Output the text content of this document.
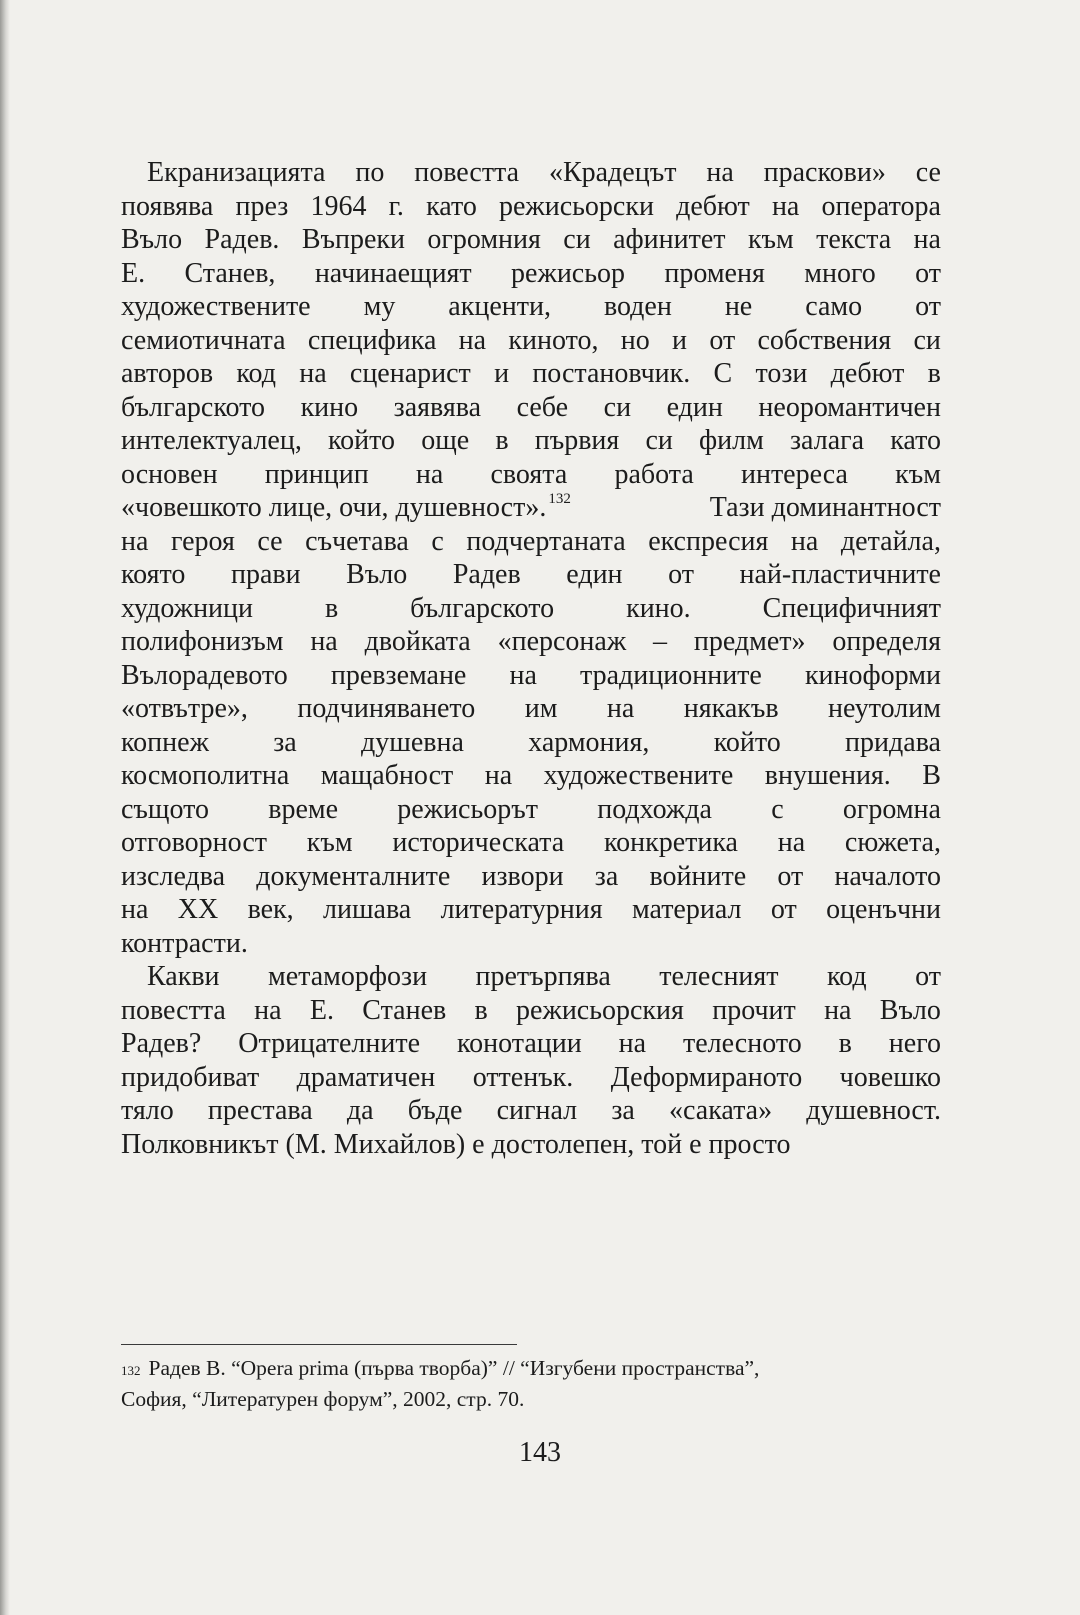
Екранизацията по повестта «Крадецът на праскови» се
появява през 1964 г. като режисьорски дебют на оператора
Въло Радев. Въпреки огромния си афинитет към текста на
Е. Станев, начинаещият режисьор променя много от
художествените му акценти, воден не само от
семиотичната специфика на киното, но и от собствения си
авторов код на сценарист и постановчик. С този дебют в
българското кино заявява себе си един неоромантичен
интелектуалец, който още в първия си филм залага като
основен принцип на своята работа интереса към
«човешкото лице, очи, душевност». $^{132}$	Тази доминантност
на героя се съчетава с подчертаната експресия на детайла,
която прави Въло Радев един от най-пластичните
художници	в	българското	кино.	Специфичният
полифонизъм на двойката «персонаж – предмет» определя
Вълорадевото превземане на традиционните киноформи
«отвътре», подчиняването им на някакъв неутолим
копнеж за душевна хармония, който придава
космополитна мащабност на художествените внушения. В
същото време режисьорът подхожда с огромна
отговорност към историческата конкретика на сюжета,
изследва документалните извори за войните от началото
на ХХ век, лишава литературния материал от оценъчни
контрасти.
Какви метаморфози претърпява телесният код от
повестта на Е. Станев в режисьорския прочит на Въло
Радев? Отрицателните конотации на телесното в него
придобиват драматичен оттенък. Деформираното човешко
тяло престава да бъде сигнал за «саката» душевност.
Полковникът (М. Михайлов) е достолепен, той е просто
$^{132}$ Радев В. “Opera prima (първа творба)” // “Изгубени пространства”,
София, “Литературен форум”, 2002, стр. 70.
143
